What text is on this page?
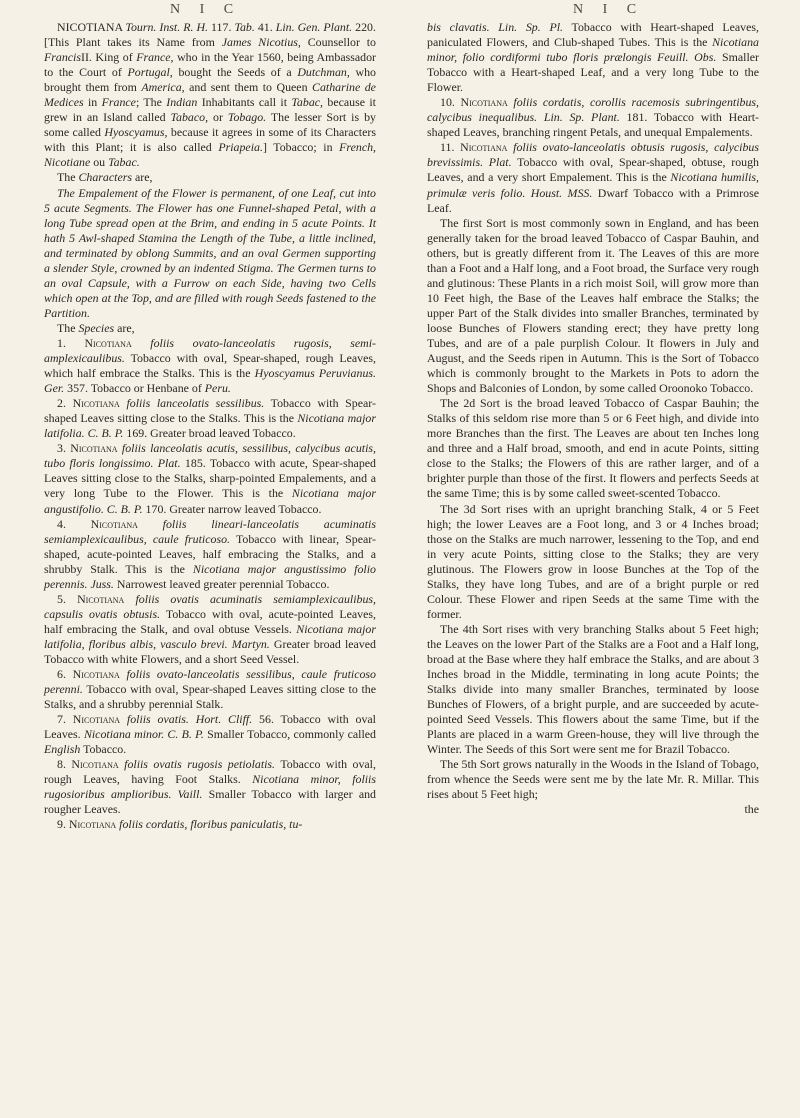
N I C	N I C

NICOTIANA Tourn. Inst. R. H. 117. Tab. 41. Lin. Gen. Plant. 220. [This Plant takes its Name from James Nicotius, Counsellor to FrancisII. King of France, who in the Year 1560, being Ambassador to the Court of Portugal, bought the Seeds of a Dutchman, who brought them from America, and sent them to Queen Catharine de Medices in France; The Indian Inhabitants call it Tabac, because it grew in an Island called Tabaco, or Tobago. The lesser Sort is by some called Hyoscyamus, because it agrees in some of its Characters with this Plant; it is also called Priapeia.] Tobacco; in French, Nicotiane ou Tabac.

The Characters are,

The Empalement of the Flower is permanent, of one Leaf, cut into 5 acute Segments. The Flower has one Funnel-shaped Petal, with a long Tube spread open at the Brim, and ending in 5 acute Points. It hath 5 Awl-shaped Stamina the Length of the Tube, a little inclined, and terminated by oblong Summits, and an oval Germen supporting a slender Style, crowned by an indented Stigma. The Germen turns to an oval Capsule, with a Furrow on each Side, having two Cells which open at the Top, and are filled with rough Seeds fastened to the Partition.

The Species are,

1. Nicotiana foliis ovato-lanceolatis rugosis, semi-amplexicaulibus. Tobacco with oval, Spear-shaped, rough Leaves, which half embrace the Stalks. This is the Hyoscyamus Peruvianus. Ger. 357. Tobacco or Henbane of Peru.

2. Nicotiana foliis lanceolatis sessilibus. Tobacco with Spear-shaped Leaves sitting close to the Stalks. This is the Nicotiana major latifolia. C. B. P. 169. Greater broad leaved Tobacco.

3. Nicotiana foliis lanceolatis acutis, sessilibus, calycibus acutis, tubo floris longissimo. Plat. 185. Tobacco with acute, Spear-shaped Leaves sitting close to the Stalks, sharp-pointed Empalements, and a very long Tube to the Flower. This is the Nicotiana major angustifolio. C. B. P. 170. Greater narrow leaved Tobacco.

4. Nicotiana foliis lineari-lanceolatis acuminatis semiamplexicaulibus, caule fruticoso. Tobacco with linear, Spear-shaped, acute-pointed Leaves, half embracing the Stalks, and a shrubby Stalk. This is the Nicotiana major angustissimo folio perennis. Juss. Narrowest leaved greater perennial Tobacco.

5. Nicotiana foliis ovatis acuminatis semiamplexicaulibus, capsulis ovatis obtusis. Tobacco with oval, acute-pointed Leaves, half embracing the Stalk, and oval obtuse Vessels. Nicotiana major latifolia, floribus albis, vasculo brevi. Martyn. Greater broad leaved Tobacco with white Flowers, and a short Seed Vessel.

6. Nicotiana foliis ovato-lanceolatis sessilibus, caule fruticoso perenni. Tobacco with oval, Spear-shaped Leaves sitting close to the Stalks, and a shrubby perennial Stalk.

7. Nicotiana foliis ovatis. Hort. Cliff. 56. Tobacco with oval Leaves. Nicotiana minor. C. B. P. Smaller Tobacco, commonly called English Tobacco.

8. Nicotiana foliis ovatis rugosis petiolatis. Tobacco with oval, rough Leaves, having Foot Stalks. Nicotiana minor, foliis rugosioribus amplioribus. Vaill. Smaller Tobacco with larger and rougher Leaves.

9. Nicotiana foliis cordatis, floribus paniculatis, tu-

bis clavatis. Lin. Sp. Pl. Tobacco with Heart-shaped Leaves, paniculated Flowers, and Club-shaped Tubes. This is the Nicotiana minor, folio cordiformi tubo floris prælongis Feuill. Obs. Smaller Tobacco with a Heart-shaped Leaf, and a very long Tube to the Flower.

10. Nicotiana foliis cordatis, corollis racemosis subringentibus, calycibus inequalibus. Lin. Sp. Plant. 181. Tobacco with Heart-shaped Leaves, branching ringent Petals, and unequal Empalements.

11. Nicotiana foliis ovato-lanceolatis obtusis rugosis, calycibus brevissimis. Plat. Tobacco with oval, Spear-shaped, obtuse, rough Leaves, and a very short Empalement. This is the Nicotiana humilis, primulæ veris folio. Houst. MSS. Dwarf Tobacco with a Primrose Leaf.

The first Sort is most commonly sown in England, and has been generally taken for the broad leaved Tobacco of Caspar Bauhin, and others, but is greatly different from it. The Leaves of this are more than a Foot and a Half long, and a Foot broad, the Surface very rough and glutinous: These Plants in a rich moist Soil, will grow more than 10 Feet high, the Base of the Leaves half embrace the Stalks; the upper Part of the Stalk divides into smaller Branches, terminated by loose Bunches of Flowers standing erect; they have pretty long Tubes, and are of a pale purplish Colour. It flowers in July and August, and the Seeds ripen in Autumn. This is the Sort of Tobacco which is commonly brought to the Markets in Pots to adorn the Shops and Balconies of London, by some called Oroonoko Tobacco.

The 2d Sort is the broad leaved Tobacco of Caspar Bauhin; the Stalks of this seldom rise more than 5 or 6 Feet high, and divide into more Branches than the first. The Leaves are about ten Inches long and three and a Half broad, smooth, and end in acute Points, sitting close to the Stalks; the Flowers of this are rather larger, and of a brighter purple than those of the first. It flowers and perfects Seeds at the same Time; this is by some called sweet-scented Tobacco.

The 3d Sort rises with an upright branching Stalk, 4 or 5 Feet high; the lower Leaves are a Foot long, and 3 or 4 Inches broad; those on the Stalks are much narrower, lessening to the Top, and end in very acute Points, sitting close to the Stalks; they are very glutinous. The Flowers grow in loose Bunches at the Top of the Stalks, they have long Tubes, and are of a bright purple or red Colour. These Flower and ripen Seeds at the same Time with the former.

The 4th Sort rises with very branching Stalks about 5 Feet high; the Leaves on the lower Part of the Stalks are a Foot and a Half long, broad at the Base where they half embrace the Stalks, and are about 3 Inches broad in the Middle, terminating in long acute Points; the Stalks divide into many smaller Branches, terminated by loose Bunches of Flowers, of a bright purple, and are succeeded by acute-pointed Seed Vessels. This flowers about the same Time, but if the Plants are placed in a warm Green-house, they will live through the Winter. The Seeds of this Sort were sent me for Brazil Tobacco.

The 5th Sort grows naturally in the Woods in the Island of Tobago, from whence the Seeds were sent me by the late Mr. R. Millar. This rises about 5 Feet high;

the
